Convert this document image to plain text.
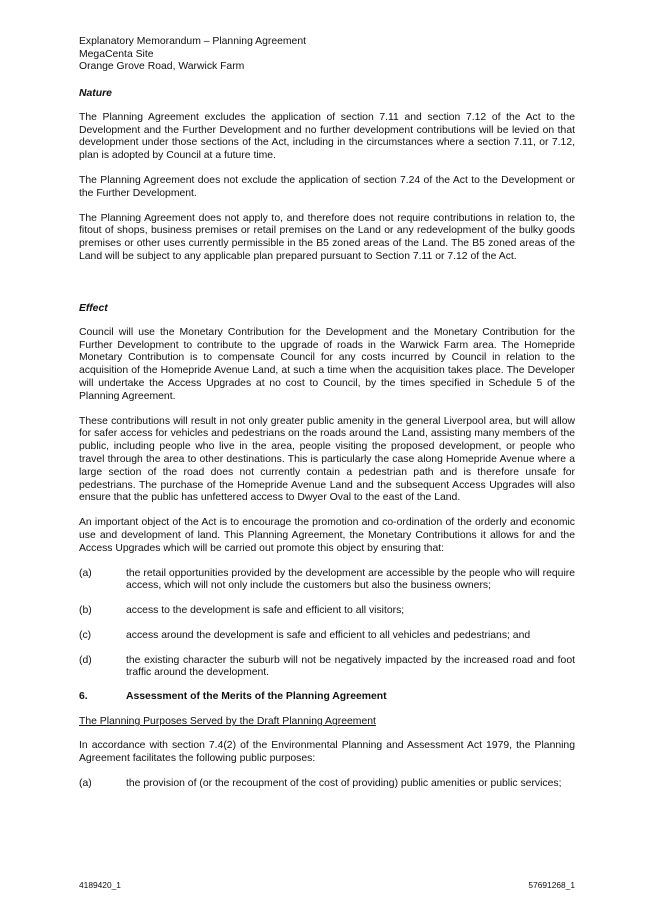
Explanatory Memorandum – Planning Agreement

MegaCenta Site

Orange Grove Road, Warwick Farm

Nature

The Planning Agreement excludes the application of section 7.11 and section 7.12 of the Act to the Development and the Further Development and no further development contributions will be levied on that development under those sections of the Act, including in the circumstances where a section 7.11, or 7.12, plan is adopted by Council at a future time.

The Planning Agreement does not exclude the application of section 7.24 of the Act to the Development or the Further Development.

The Planning Agreement does not apply to, and therefore does not require contributions in relation to, the fitout of shops, business premises or retail premises on the Land or any redevelopment of the bulky goods premises or other uses currently permissible in the B5 zoned areas of the Land. The B5 zoned areas of the Land will be subject to any applicable plan prepared pursuant to Section 7.11 or 7.12 of the Act.

Effect

Council will use the Monetary Contribution for the Development and the Monetary Contribution for the Further Development to contribute to the upgrade of roads in the Warwick Farm area. The Homepride Monetary Contribution is to compensate Council for any costs incurred by Council in relation to the acquisition of the Homepride Avenue Land, at such a time when the acquisition takes place. The Developer will undertake the Access Upgrades at no cost to Council, by the times specified in Schedule 5 of the Planning Agreement.

These contributions will result in not only greater public amenity in the general Liverpool area, but will allow for safer access for vehicles and pedestrians on the roads around the Land, assisting many members of the public, including people who live in the area, people visiting the proposed development, or people who travel through the area to other destinations. This is particularly the case along Homepride Avenue where a large section of the road does not currently contain a pedestrian path and is therefore unsafe for pedestrians. The purchase of the Homepride Avenue Land and the subsequent Access Upgrades will also ensure that the public has unfettered access to Dwyer Oval to the east of the Land.

An important object of the Act is to encourage the promotion and co-ordination of the orderly and economic use and development of land. This Planning Agreement, the Monetary Contributions it allows for and the Access Upgrades which will be carried out promote this object by ensuring that:

(a)	the retail opportunities provided by the development are accessible by the people who will require access, which will not only include the customers but also the business owners;
(b)	access to the development is safe and efficient to all visitors;
(c)	access around the development is safe and efficient to all vehicles and pedestrians; and
(d)	the existing character the suburb will not be negatively impacted by the increased road and foot traffic around the development.
6.	Assessment of the Merits of the Planning Agreement

The Planning Purposes Served by the Draft Planning Agreement

In accordance with section 7.4(2) of the Environmental Planning and Assessment Act 1979, the Planning Agreement facilitates the following public purposes:

(a)	the provision of (or the recoupment of the cost of providing) public amenities or public services;
4189420_1	57691268_1
